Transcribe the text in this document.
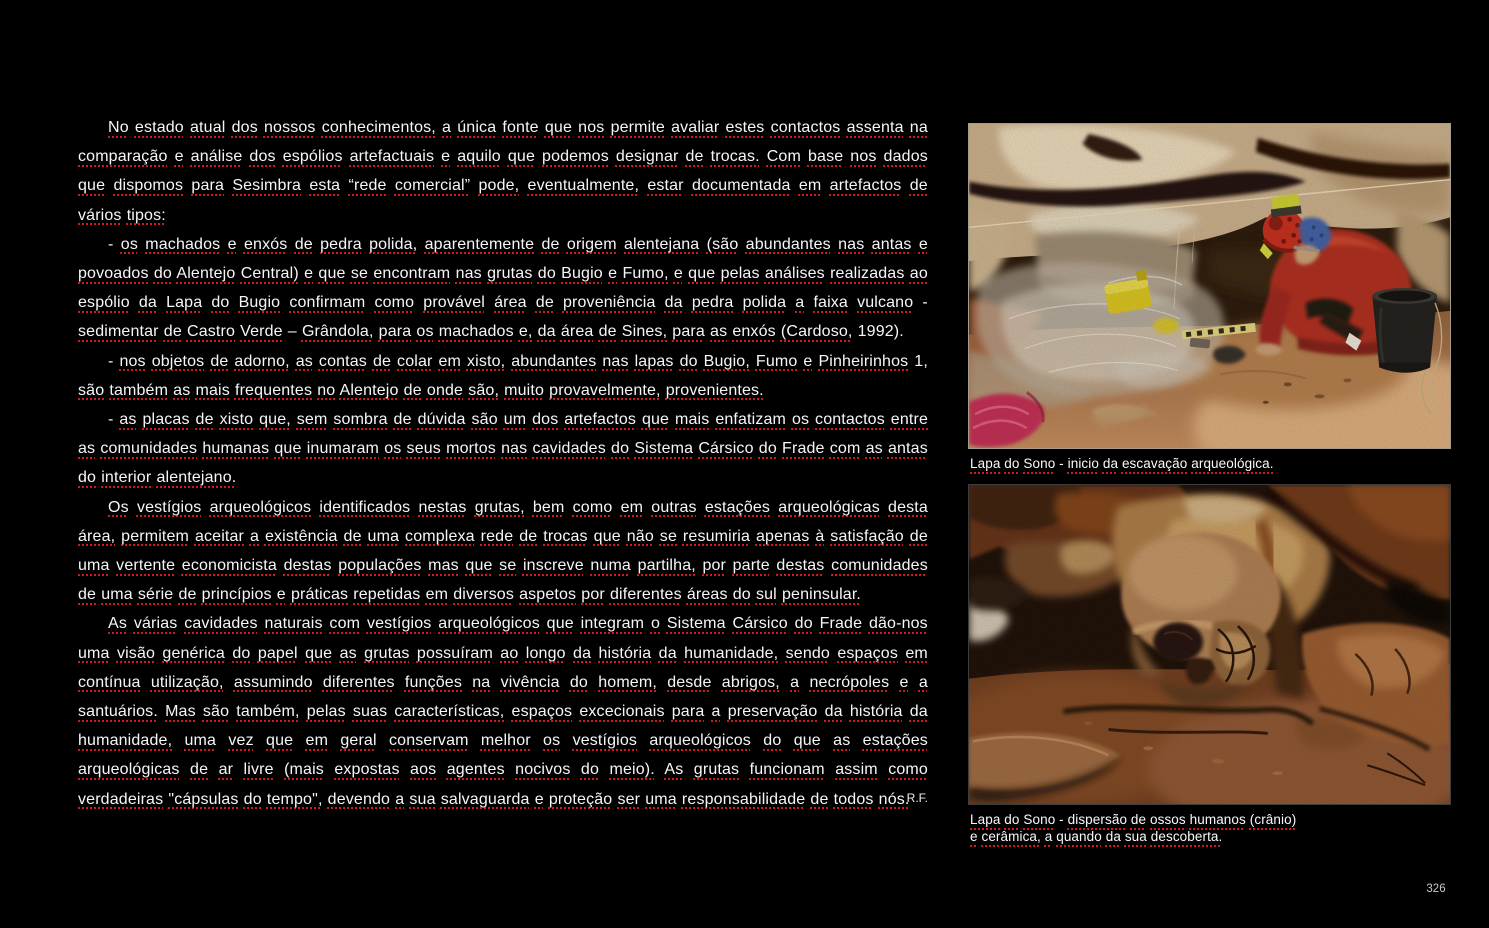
No estado atual dos nossos conhecimentos, a única fonte que nos permite avaliar estes contactos assenta na comparação e análise dos espólios artefactuais e aquilo que podemos designar de trocas. Com base nos dados que dispomos para Sesimbra esta “rede comercial” pode, eventualmente, estar documentada em artefactos de vários tipos:

- os machados e enxós de pedra polida, aparentemente de origem alentejana (são abundantes nas antas e povoados do Alentejo Central) e que se encontram nas grutas do Bugio e Fumo, e que pelas análises realizadas ao espólio da Lapa do Bugio confirmam como provável área de proveniência da pedra polida a faixa vulcano - sedimentar de Castro Verde – Grândola, para os machados e, da área de Sines, para as enxós (Cardoso, 1992).

- nos objetos de adorno, as contas de colar em xisto, abundantes nas lapas do Bugio, Fumo e Pinheirinhos 1, são também as mais frequentes no Alentejo de onde são, muito provavelmente, provenientes.

- as placas de xisto que, sem sombra de dúvida são um dos artefactos que mais enfatizam os contactos entre as comunidades humanas que inumaram os seus mortos nas cavidades do Sistema Cársico do Frade com as antas do interior alentejano.

Os vestígios arqueológicos identificados nestas grutas, bem como em outras estações arqueológicas desta área, permitem aceitar a existência de uma complexa rede de trocas que não se resumiria apenas à satisfação de uma vertente economicista destas populações mas que se inscreve numa partilha, por parte destas comunidades de uma série de princípios e práticas repetidas em diversos aspetos por diferentes áreas do sul peninsular.

As várias cavidades naturais com vestígios arqueológicos que integram o Sistema Cársico do Frade dão-nos uma visão genérica do papel que as grutas possuíram ao longo da história da humanidade, sendo espaços em contínua utilização, assumindo diferentes funções na vivência do homem, desde abrigos, a necrópoles e a santuários. Mas são também, pelas suas características, espaços excecionais para a preservação da história da humanidade, uma vez que em geral conservam melhor os vestígios arqueológicos do que as estações arqueológicas de ar livre (mais expostas aos agentes nocivos do meio). As grutas funcionam assim como verdadeiras "cápsulas do tempo", devendo a sua salvaguarda e proteção ser uma responsabilidade de todos nós.

R.F.
Lapa do Sono - inicio da escavação arqueológica.
Lapa do Sono - dispersão de ossos humanos (crânio)
e cerâmica, a quando da sua descoberta.
326
